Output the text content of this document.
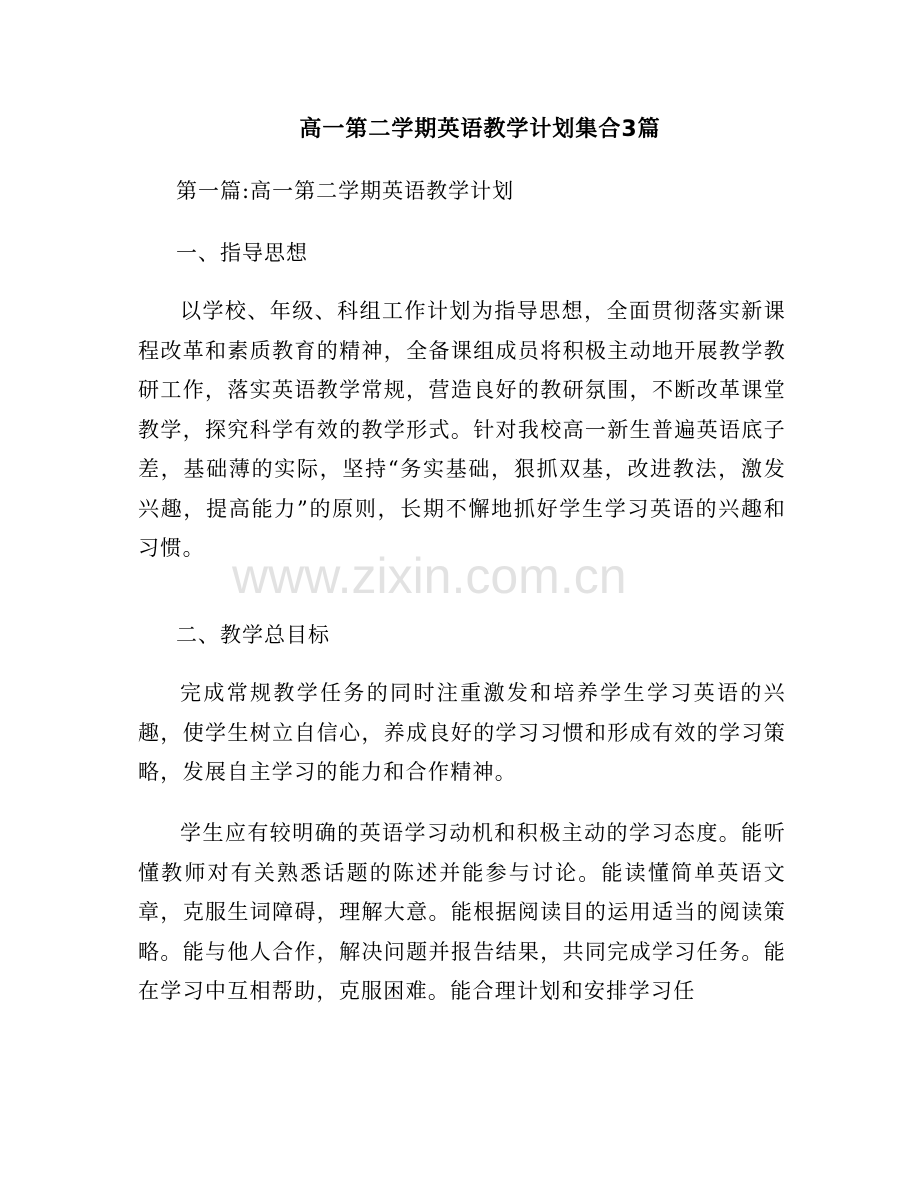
高一第二学期英语教学计划集合3篇
第一篇:高一第二学期英语教学计划
一、指导思想
以学校、年级、科组工作计划为指导思想，全面贯彻落实新课程改革和素质教育的精神，全备课组成员将积极主动地开展教学教研工作，落实英语教学常规，营造良好的教研氛围，不断改革课堂教学，探究科学有效的教学形式。针对我校高一新生普遍英语底子差，基础薄的实际，坚持“务实基础，狠抓双基，改进教法，激发兴趣，提高能力”的原则，长期不懈地抓好学生学习英语的兴趣和习惯。
二、教学总目标
完成常规教学任务的同时注重激发和培养学生学习英语的兴趣，使学生树立自信心，养成良好的学习习惯和形成有效的学习策略，发展自主学习的能力和合作精神。
学生应有较明确的英语学习动机和积极主动的学习态度。能听懂教师对有关熟悉话题的陈述并能参与讨论。能读懂简单英语文章，克服生词障碍，理解大意。能根据阅读目的运用适当的阅读策略。能与他人合作，解决问题并报告结果，共同完成学习任务。能在学习中互相帮助，克服困难。能合理计划和安排学习任
www.zixin.com.cn
